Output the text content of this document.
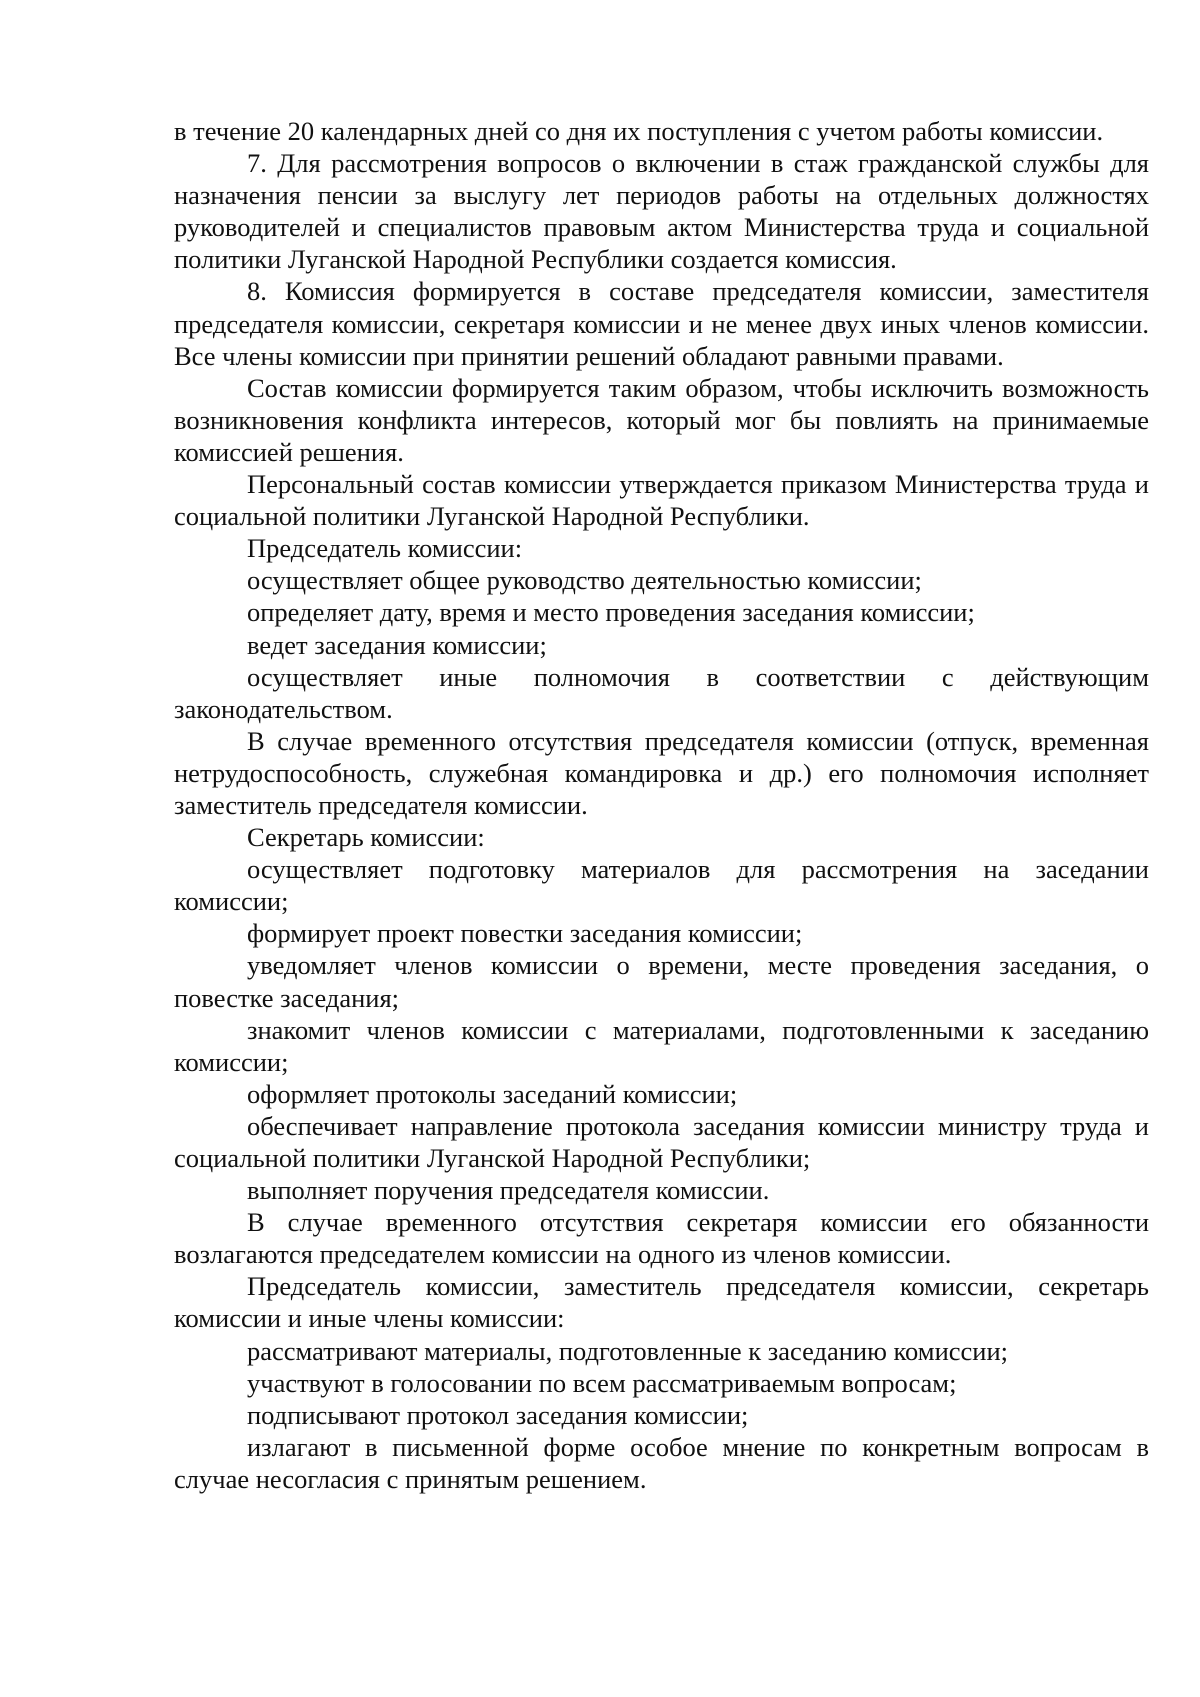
в течение 20 календарных дней со дня их поступления с учетом работы комиссии.

7. Для рассмотрения вопросов о включении в стаж гражданской службы для назначения пенсии за выслугу лет периодов работы на отдельных должностях руководителей и специалистов правовым актом Министерства труда и социальной политики Луганской Народной Республики создается комиссия.

8. Комиссия формируется в составе председателя комиссии, заместителя председателя комиссии, секретаря комиссии и не менее двух иных членов комиссии. Все члены комиссии при принятии решений обладают равными правами.

Состав комиссии формируется таким образом, чтобы исключить возможность возникновения конфликта интересов, который мог бы повлиять на принимаемые комиссией решения.

Персональный состав комиссии утверждается приказом Министерства труда и социальной политики Луганской Народной Республики.

Председатель комиссии:

осуществляет общее руководство деятельностью комиссии;

определяет дату, время и место проведения заседания комиссии;

ведет заседания комиссии;

осуществляет иные полномочия в соответствии с действующим законодательством.

В случае временного отсутствия председателя комиссии (отпуск, временная нетрудоспособность, служебная командировка и др.) его полномочия исполняет заместитель председателя комиссии.

Секретарь комиссии:

осуществляет подготовку материалов для рассмотрения на заседании комиссии;

формирует проект повестки заседания комиссии;

уведомляет членов комиссии о времени, месте проведения заседания, о повестке заседания;

знакомит членов комиссии с материалами, подготовленными к заседанию комиссии;

оформляет протоколы заседаний комиссии;

обеспечивает направление протокола заседания комиссии министру труда и социальной политики Луганской Народной Республики;

выполняет поручения председателя комиссии.

В случае временного отсутствия секретаря комиссии его обязанности возлагаются председателем комиссии на одного из членов комиссии.

Председатель комиссии, заместитель председателя комиссии, секретарь комиссии и иные члены комиссии:

рассматривают материалы, подготовленные к заседанию комиссии;

участвуют в голосовании по всем рассматриваемым вопросам;

подписывают протокол заседания комиссии;

излагают в письменной форме особое мнение по конкретным вопросам в случае несогласия с принятым решением.
